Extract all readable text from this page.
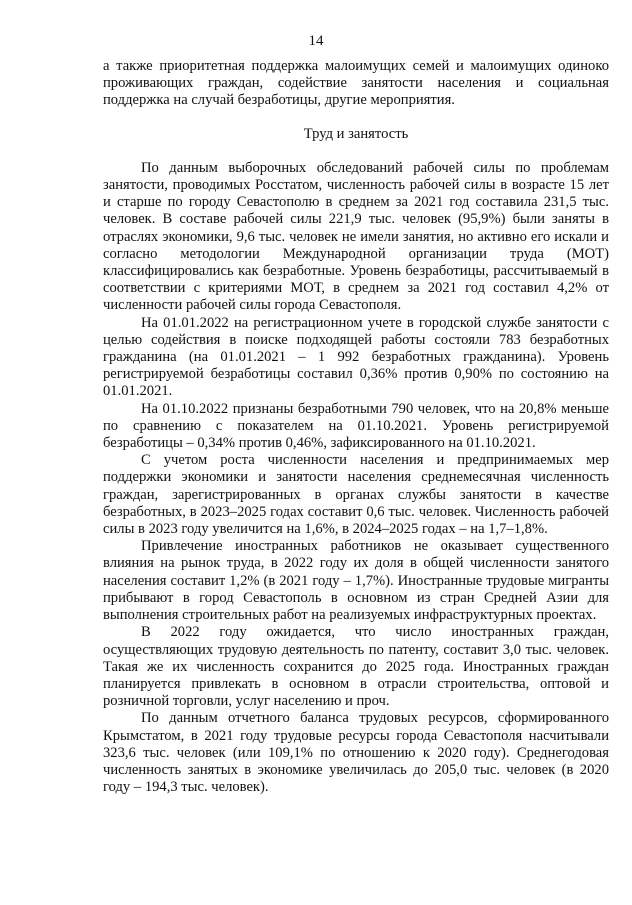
14

а также приоритетная поддержка малоимущих семей и малоимущих одиноко проживающих граждан, содействие занятости населения и социальная поддержка на случай безработицы, другие мероприятия.

Труд и занятость

По данным выборочных обследований рабочей силы по проблемам занятости, проводимых Росстатом, численность рабочей силы в возрасте 15 лет и старше по городу Севастополю в среднем за 2021 год составила 231,5 тыс. человек. В составе рабочей силы 221,9 тыс. человек (95,9%) были заняты в отраслях экономики, 9,6 тыс. человек не имели занятия, но активно его искали и согласно методологии Международной организации труда (МОТ) классифицировались как безработные. Уровень безработицы, рассчитываемый в соответствии с критериями МОТ, в среднем за 2021 год составил 4,2% от численности рабочей силы города Севастополя.

На 01.01.2022 на регистрационном учете в городской службе занятости с целью содействия в поиске подходящей работы состояли 783 безработных гражданина (на 01.01.2021 – 1 992 безработных гражданина). Уровень регистрируемой безработицы составил 0,36% против 0,90% по состоянию на 01.01.2021.

На 01.10.2022 признаны безработными 790 человек, что на 20,8% меньше по сравнению с показателем на 01.10.2021. Уровень регистрируемой безработицы – 0,34% против 0,46%, зафиксированного на 01.10.2021.

С учетом роста численности населения и предпринимаемых мер поддержки экономики и занятости населения среднемесячная численность граждан, зарегистрированных в органах службы занятости в качестве безработных, в 2023–2025 годах составит 0,6 тыс. человек. Численность рабочей силы в 2023 году увеличится на 1,6%, в 2024–2025 годах – на 1,7–1,8%.

Привлечение иностранных работников не оказывает существенного влияния на рынок труда, в 2022 году их доля в общей численности занятого населения составит 1,2% (в 2021 году – 1,7%). Иностранные трудовые мигранты прибывают в город Севастополь в основном из стран Средней Азии для выполнения строительных работ на реализуемых инфраструктурных проектах.

В 2022 году ожидается, что число иностранных граждан, осуществляющих трудовую деятельность по патенту, составит 3,0 тыс. человек. Такая же их численность сохранится до 2025 года. Иностранных граждан планируется привлекать в основном в отрасли строительства, оптовой и розничной торговли, услуг населению и проч.

По данным отчетного баланса трудовых ресурсов, сформированного Крымстатом, в 2021 году трудовые ресурсы города Севастополя насчитывали 323,6 тыс. человек (или 109,1% по отношению к 2020 году). Среднегодовая численность занятых в экономике увеличилась до 205,0 тыс. человек (в 2020 году – 194,3 тыс. человек).
